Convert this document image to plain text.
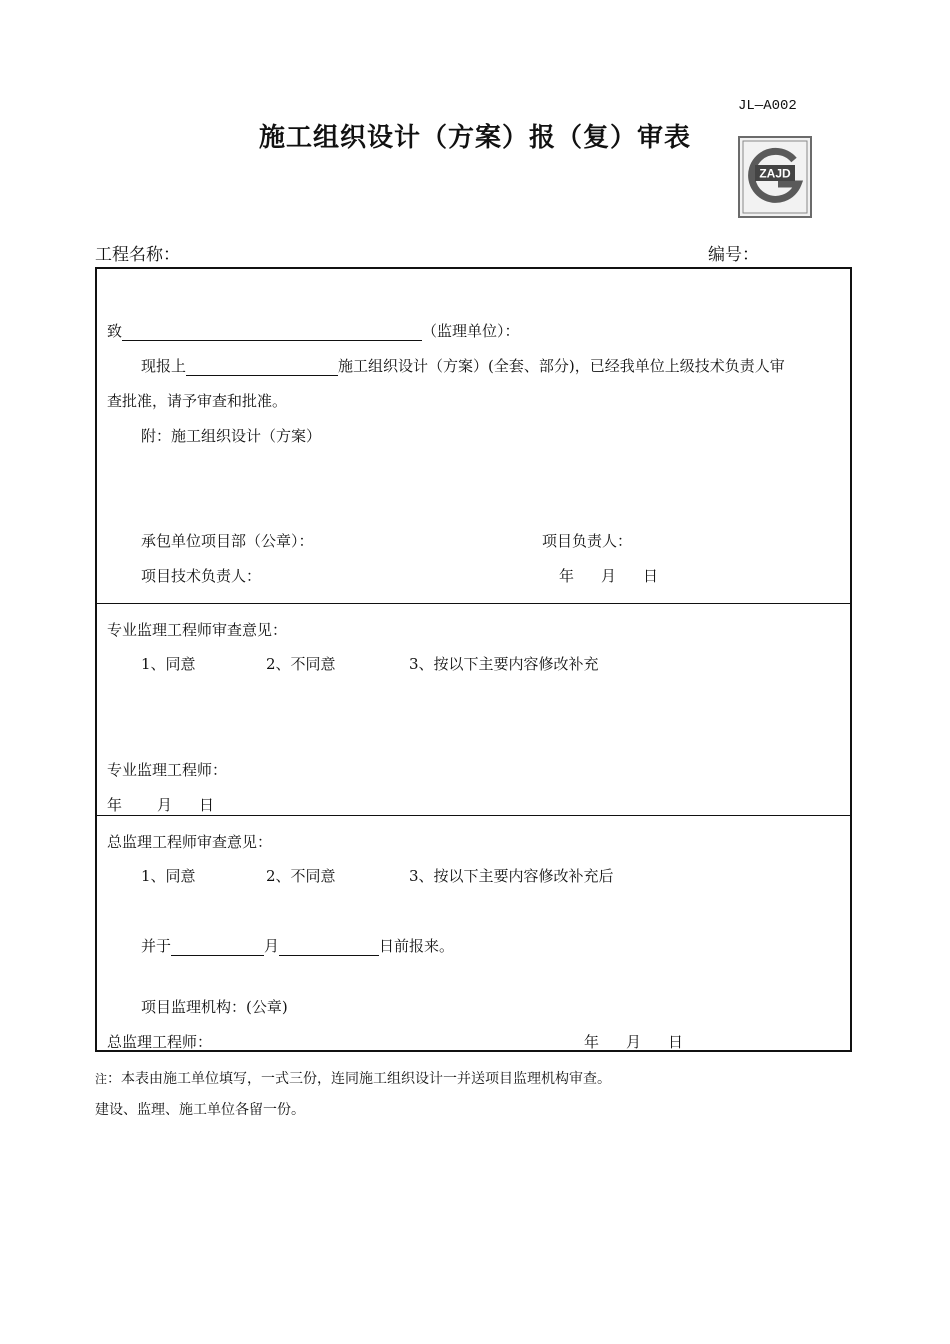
JL—A002
施工组织设计（方案）报（复）审表
ZAJD
工程名称：	编号：
致	（监理单位）：
现报上	施工组织设计（方案）(全套、部分)，已经我单位上级技术负责人审
查批准，请予审查和批准。
附：施工组织设计（方案）
承包单位项目部（公章）：	项目负责人：
项目技术负责人：	年 月 日
专业监理工程师审查意见：
1、同意	2、不同意	3、按以下主要内容修改补充
专业监理工程师：
年 月 日
总监理工程师审查意见：
1、同意	2、不同意	3、按以下主要内容修改补充后
并于	月	日前报来。
项目监理机构：(公章)
总监理工程师：	年 月 日
注：本表由施工单位填写，一式三份，连同施工组织设计一并送项目监理机构审查。
建设、监理、施工单位各留一份。
